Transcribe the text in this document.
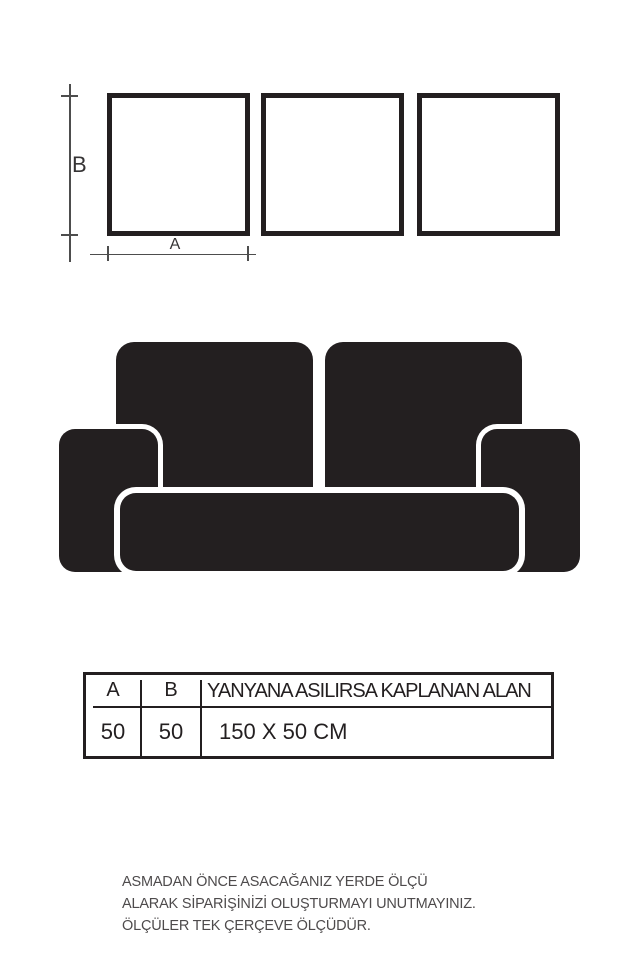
B
A
A	B	YANYANA ASILIRSA KAPLANAN ALAN
50	50	150 X 50 CM
ASMADAN ÖNCE ASACAĞANIZ YERDE ÖLÇÜ
ALARAK SİPARİŞİNİZİ OLUŞTURMAYI UNUTMAYINIZ.
ÖLÇÜLER TEK ÇERÇEVE ÖLÇÜDÜR.
